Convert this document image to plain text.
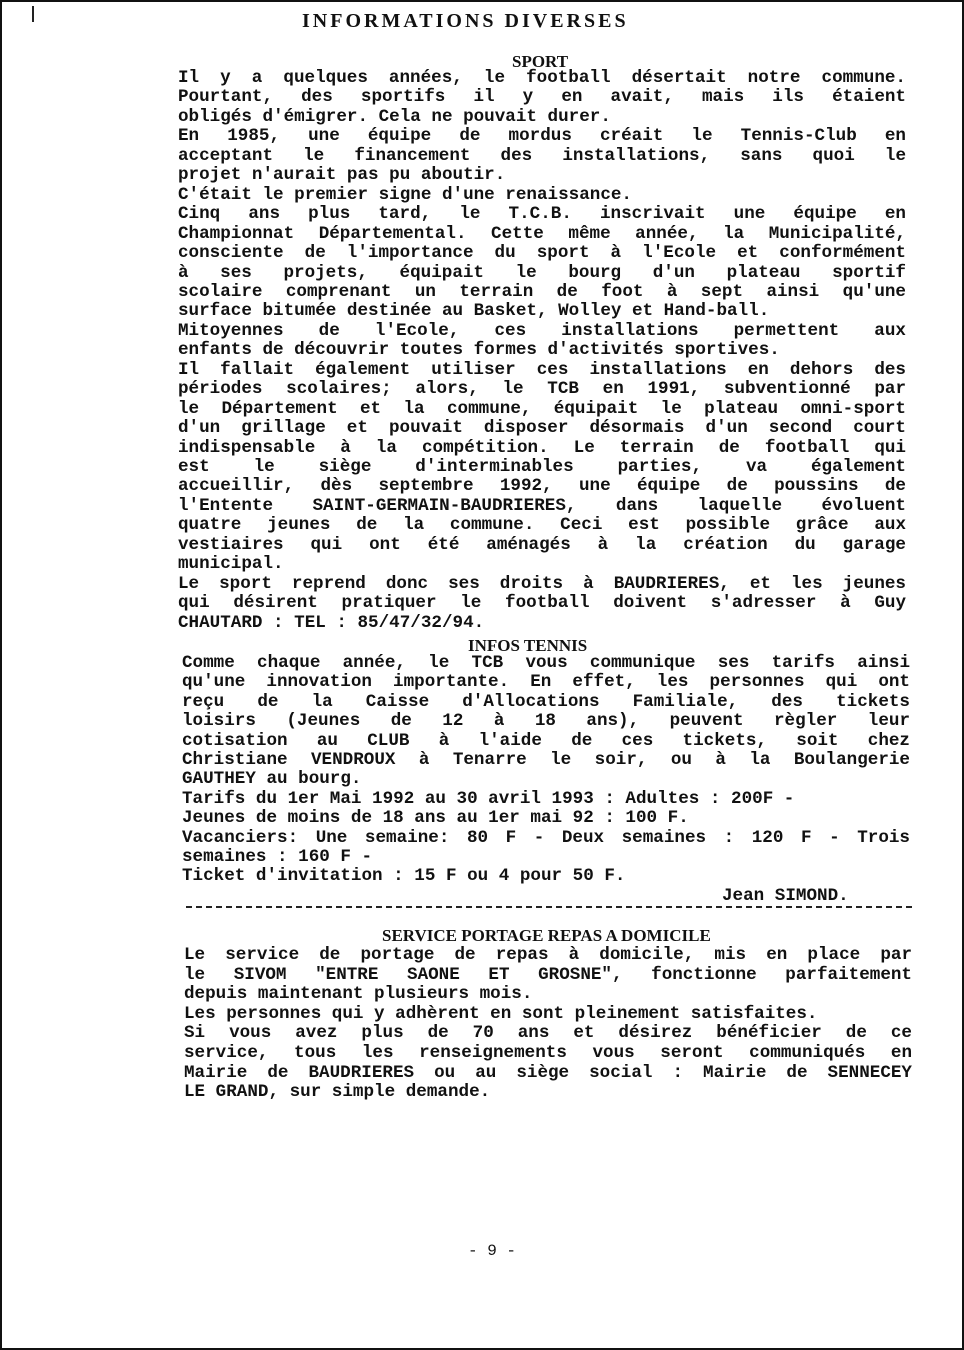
INFORMATIONS DIVERSES
SPORT
Il y a quelques années, le football désertait notre commune.
Pourtant, des sportifs il y en avait, mais ils étaient
obligés d'émigrer. Cela ne pouvait durer.
En 1985, une équipe de mordus créait le Tennis-Club en
acceptant le financement des installations, sans quoi le
projet n'aurait pas pu aboutir.
C'était le premier signe d'une renaissance.
Cinq ans plus tard, le T.C.B. inscrivait une équipe en
Championnat Départemental. Cette même année, la Municipalité,
consciente de l'importance du sport à l'Ecole et conformément
à ses projets, équipait le bourg d'un plateau sportif
scolaire comprenant un terrain de foot à sept ainsi qu'une
surface bitumée destinée au Basket, Wolley et Hand-ball.
Mitoyennes de l'Ecole, ces installations permettent aux
enfants de découvrir toutes formes d'activités sportives.
Il fallait également utiliser ces installations en dehors des
périodes scolaires; alors, le TCB en 1991, subventionné par
le Département et la commune, équipait le plateau omni-sport
d'un grillage et pouvait disposer désormais d'un second court
indispensable à la compétition. Le terrain de football qui
est le siège d'interminables parties, va également
accueillir, dès septembre 1992, une équipe de poussins de
l'Entente SAINT-GERMAIN-BAUDRIERES, dans laquelle évoluent
quatre jeunes de la commune. Ceci est possible grâce aux
vestiaires qui ont été aménagés à la création du garage
municipal.
Le sport reprend donc ses droits à BAUDRIERES, et les jeunes
qui désirent pratiquer le football doivent s'adresser à Guy
CHAUTARD : TEL : 85/47/32/94.
INFOS TENNIS
Comme chaque année, le TCB vous communique ses tarifs ainsi
qu'une innovation importante. En effet, les personnes qui ont
reçu de la Caisse d'Allocations Familiale, des tickets
loisirs (Jeunes de 12 à 18 ans), peuvent règler leur
cotisation au CLUB à l'aide de ces tickets, soit chez
Christiane VENDROUX à Tenarre le soir, ou à la Boulangerie
GAUTHEY au bourg.
Tarifs du 1er Mai 1992 au 30 avril 1993 : Adultes : 200F -
Jeunes de moins de 18 ans au 1er mai 92 : 100 F.
Vacanciers: Une semaine: 80 F - Deux semaines : 120 F - Trois
semaines : 160 F -
Ticket d'invitation : 15 F ou 4 pour 50 F.
Jean SIMOND.
SERVICE PORTAGE REPAS A DOMICILE
Le service de portage de repas à domicile, mis en place par
le SIVOM "ENTRE SAONE ET GROSNE", fonctionne parfaitement
depuis maintenant plusieurs mois.
Les personnes qui y adhèrent en sont pleinement satisfaites.
Si vous avez plus de 70 ans et désirez bénéficier de ce
service, tous les renseignements vous seront communiqués en
Mairie de BAUDRIERES ou au siège social : Mairie de SENNECEY
LE GRAND, sur simple demande.
- 9 -
